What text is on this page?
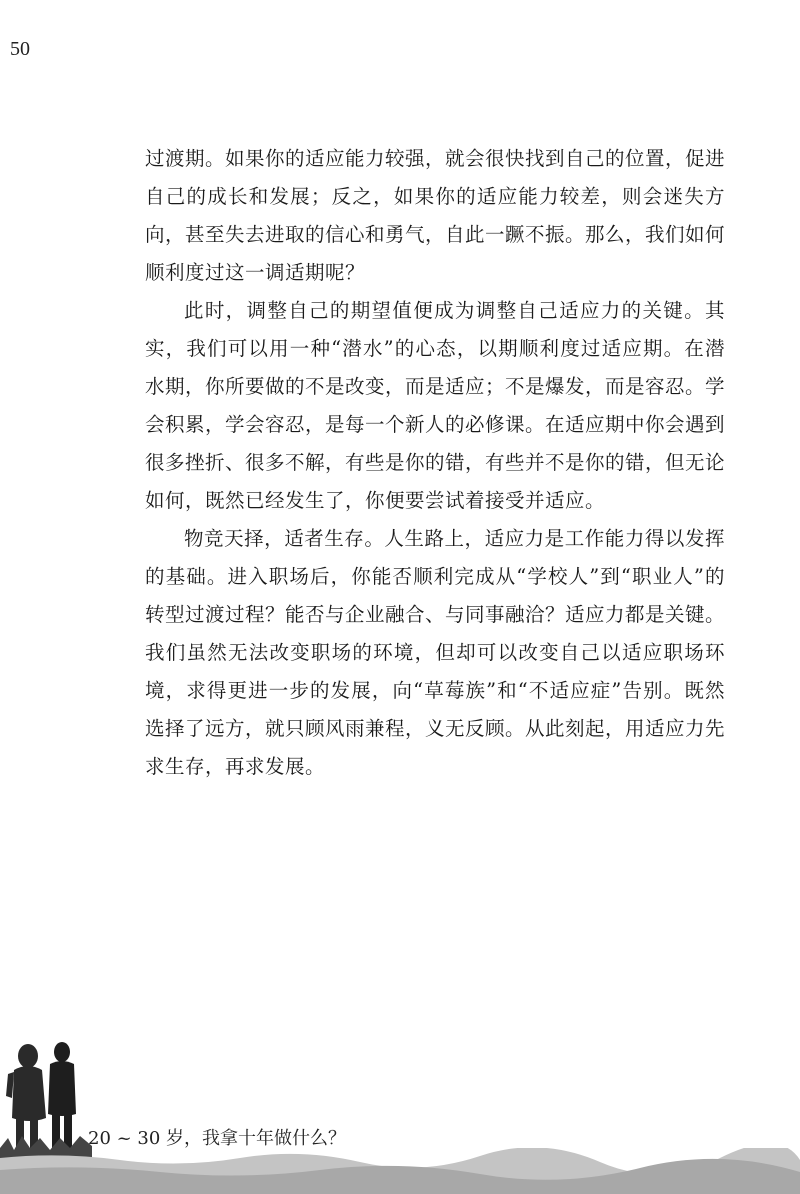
50

过渡期。如果你的适应能力较强，就会很快找到自己的位置，促进自己的成长和发展；反之，如果你的适应能力较差，则会迷失方向，甚至失去进取的信心和勇气，自此一蹶不振。那么，我们如何顺利度过这一调适期呢？

此时，调整自己的期望值便成为调整自己适应力的关键。其实，我们可以用一种“潜水”的心态，以期顺利度过适应期。在潜水期，你所要做的不是改变，而是适应；不是爆发，而是容忍。学会积累，学会容忍，是每一个新人的必修课。在适应期中你会遇到很多挫折、很多不解，有些是你的错，有些并不是你的错，但无论如何，既然已经发生了，你便要尝试着接受并适应。

物竞天择，适者生存。人生路上，适应力是工作能力得以发挥的基础。进入职场后，你能否顺利完成从“学校人”到“职业人”的转型过渡过程？能否与企业融合、与同事融洽？适应力都是关键。我们虽然无法改变职场的环境，但却可以改变自己以适应职场环境，求得更进一步的发展，向“草莓族”和“不适应症”告别。既然选择了远方，就只顾风雨兼程，义无反顾。从此刻起，用适应力先求生存，再求发展。

20 ~ 30 岁，我拿十年做什么？
